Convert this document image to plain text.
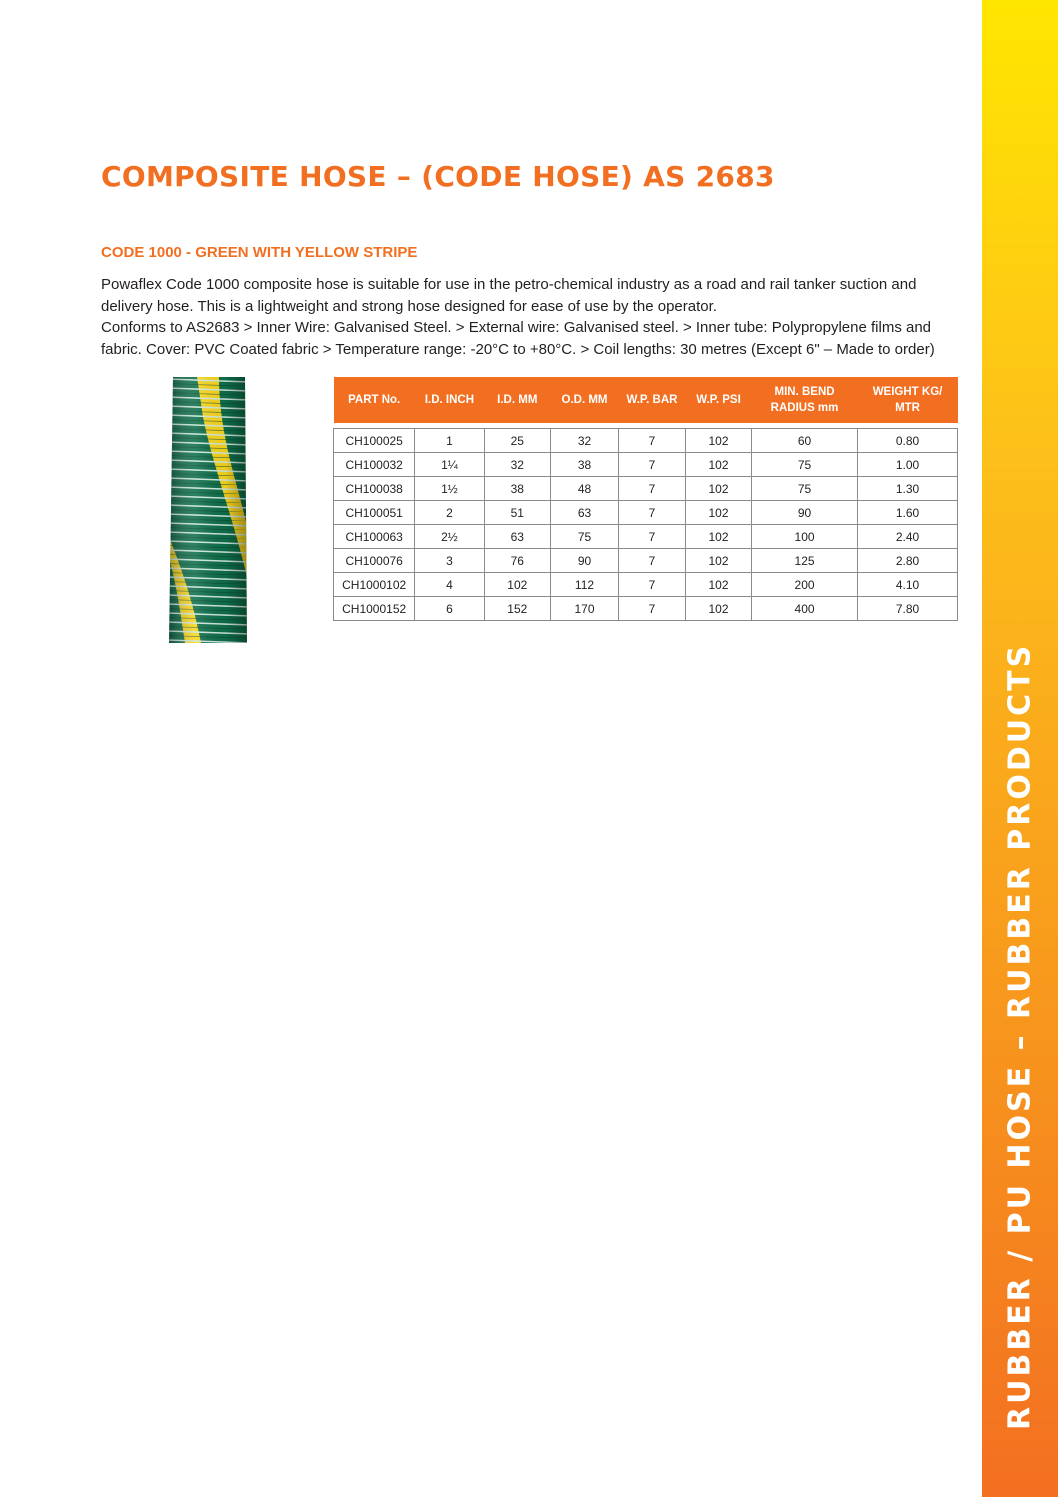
RUBBER / PU HOSE – RUBBER PRODUCTS
COMPOSITE HOSE – (CODE HOSE) AS 2683
CODE 1000 - GREEN WITH YELLOW STRIPE

Powaflex Code 1000 composite hose is suitable for use in the petro-chemical industry as a road and rail tanker suction and delivery hose. This is a lightweight and strong hose designed for ease of use by the operator.

Conforms to AS2683 > Inner Wire: Galvanised Steel. > External wire: Galvanised steel. > Inner tube: Polypropylene films and fabric. Cover: PVC Coated fabric > Temperature range: -20°C to +80°C. > Coil lengths: 30 metres (Except 6" – Made to order)

PART No.	I.D. INCH	I.D. MM	O.D. MM	W.P. BAR	W.P. PSI	MIN. BEND RADIUS mm	WEIGHT KG/ MTR

CH100025	1	25	32	7	102	60	0.80
CH100032	1¼	32	38	7	102	75	1.00
CH100038	1½	38	48	7	102	75	1.30
CH100051	2	51	63	7	102	90	1.60
CH100063	2½	63	75	7	102	100	2.40
CH100076	3	76	90	7	102	125	2.80
CH1000102	4	102	112	7	102	200	4.10
CH1000152	6	152	170	7	102	400	7.80
